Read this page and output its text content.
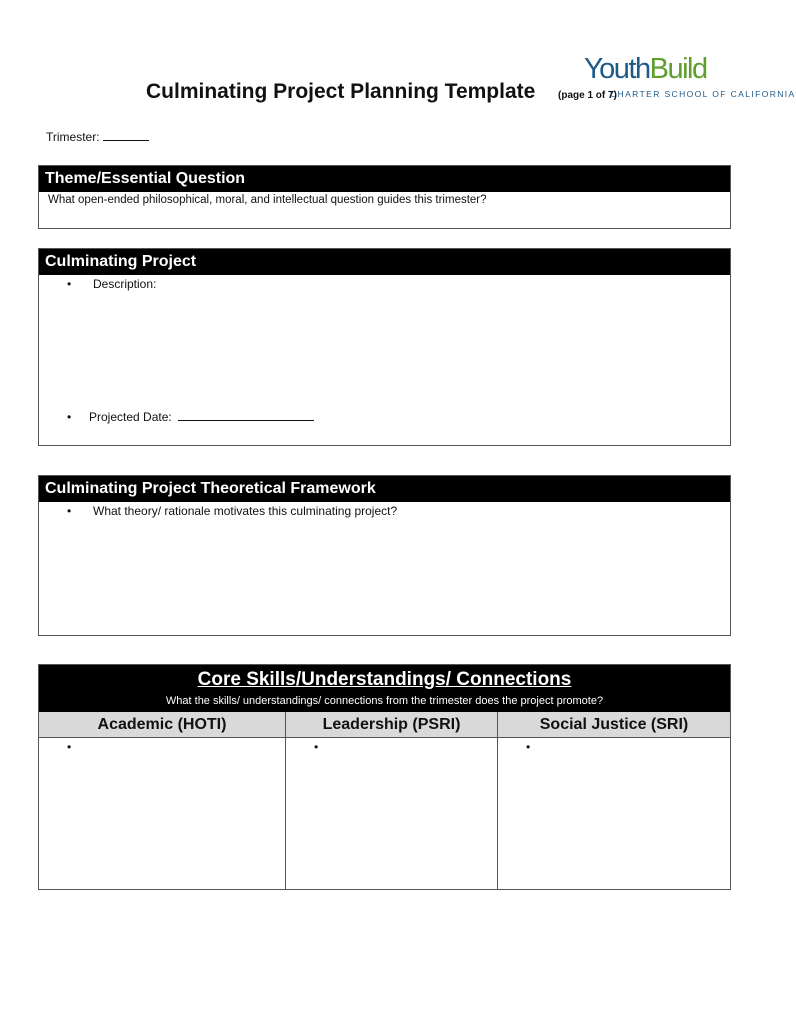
YouthBuild
CHARTER SCHOOL OF CALIFORNIA
Culminating Project Planning Template (page 1 of 7)
Trimester:
Theme/Essential Question
What open-ended philosophical, moral, and intellectual question guides this trimester?
Culminating Project
• Description:
• Projected Date:
Culminating Project Theoretical Framework
• What theory/ rationale motivates this culminating project?
Core Skills/Understandings/ Connections
What the skills/ understandings/ connections from the trimester does the project promote?
Academic (HOTI)
•
Leadership (PSRI)
•
Social Justice (SRI)
•
